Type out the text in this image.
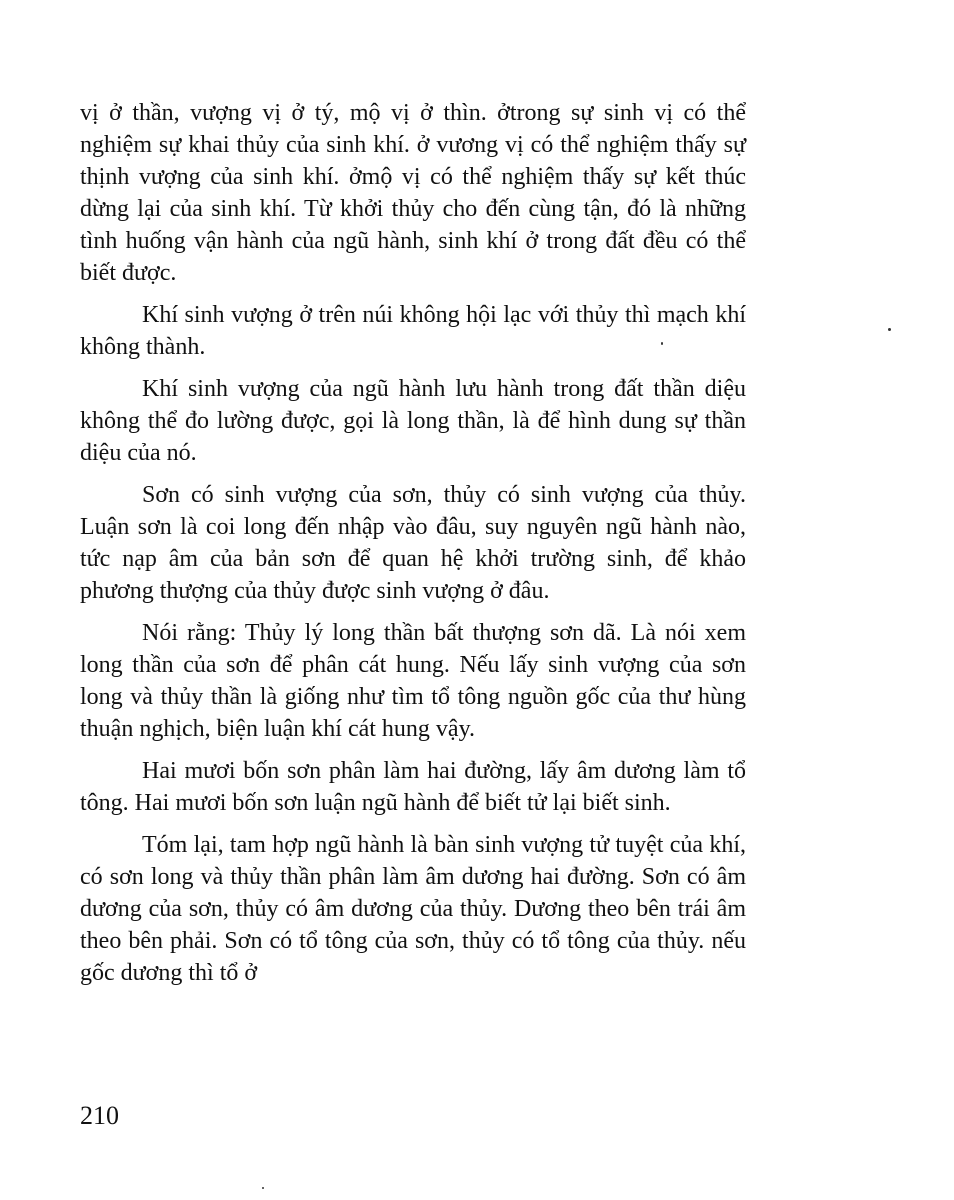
vị ở thần, vượng vị ở tý, mộ vị ở thìn. ởtrong sự sinh vị có thể nghiệm sự khai thủy của sinh khí. ở vương vị có thể nghiệm thấy sự thịnh vượng của sinh khí. ởmộ vị có thể nghiệm thấy sự kết thúc dừng lại của sinh khí. Từ khởi thủy cho đến cùng tận, đó là những tình huống vận hành của ngũ hành, sinh khí ở trong đất đều có thể biết được.

Khí sinh vượng ở trên núi không hội lạc với thủy thì mạch khí không thành.

Khí sinh vượng của ngũ hành lưu hành trong đất thần diệu không thể đo lường được, gọi là long thần, là để hình dung sự thần diệu của nó.

Sơn có sinh vượng của sơn, thủy có sinh vượng của thủy. Luận sơn là coi long đến nhập vào đâu, suy nguyên ngũ hành nào, tức nạp âm của bản sơn để quan hệ khởi trường sinh, để khảo phương thượng của thủy được sinh vượng ở đâu.

Nói rằng: Thủy lý long thần bất thượng sơn dã. Là nói xem long thần của sơn để phân cát hung. Nếu lấy sinh vượng của sơn long và thủy thần là giống như tìm tổ tông nguồn gốc của thư hùng thuận nghịch, biện luận khí cát hung vậy.

Hai mươi bốn sơn phân làm hai đường, lấy âm dương làm tổ tông. Hai mươi bốn sơn luận ngũ hành để biết tử lại biết sinh.

Tóm lại, tam hợp ngũ hành là bàn sinh vượng tử tuyệt của khí, có sơn long và thủy thần phân làm âm dương hai đường. Sơn có âm dương của sơn, thủy có âm dương của thủy. Dương theo bên trái âm theo bên phải. Sơn có tổ tông của sơn, thủy có tổ tông của thủy. nếu gốc dương thì tổ ở

210
